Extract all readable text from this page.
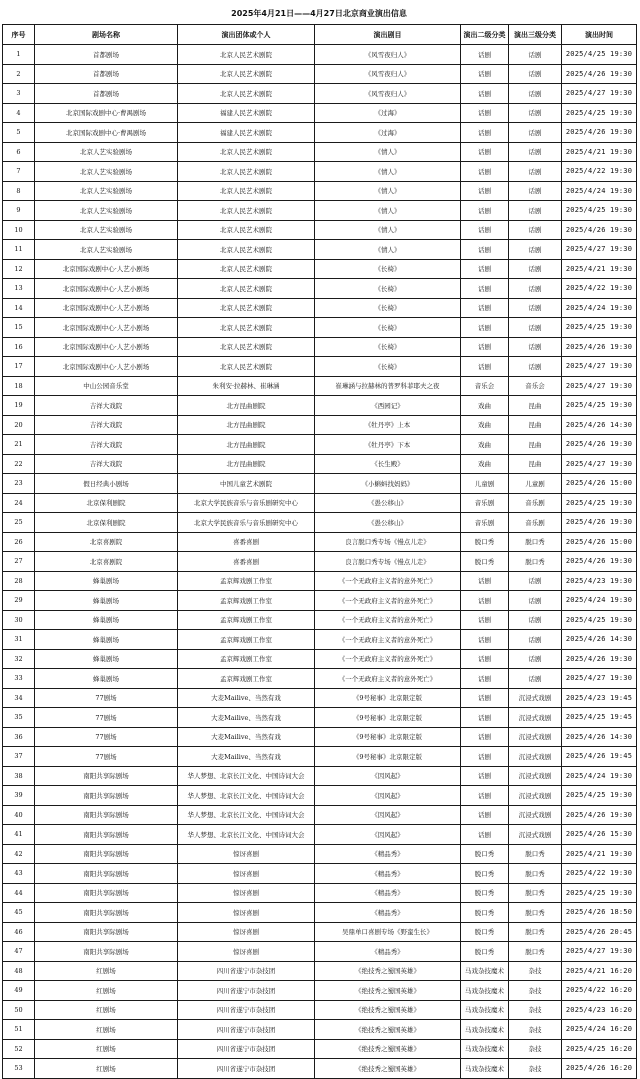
2025年4月21日——4月27日北京商业演出信息
序号	剧场名称	演出团体或个人	演出剧目	演出二级分类	演出三级分类	演出时间
1	首都剧场	北京人民艺术剧院	《风雪夜归人》	话剧	话剧	2025/4/25 19:30
2	首都剧场	北京人民艺术剧院	《风雪夜归人》	话剧	话剧	2025/4/26 19:30
3	首都剧场	北京人民艺术剧院	《风雪夜归人》	话剧	话剧	2025/4/27 19:30
4	北京国际戏剧中心·曹禺剧场	福建人民艺术剧院	《过海》	话剧	话剧	2025/4/25 19:30
5	北京国际戏剧中心·曹禺剧场	福建人民艺术剧院	《过海》	话剧	话剧	2025/4/26 19:30
6	北京人艺实验剧场	北京人民艺术剧院	《情人》	话剧	话剧	2025/4/21 19:30
7	北京人艺实验剧场	北京人民艺术剧院	《情人》	话剧	话剧	2025/4/22 19:30
8	北京人艺实验剧场	北京人民艺术剧院	《情人》	话剧	话剧	2025/4/24 19:30
9	北京人艺实验剧场	北京人民艺术剧院	《情人》	话剧	话剧	2025/4/25 19:30
10	北京人艺实验剧场	北京人民艺术剧院	《情人》	话剧	话剧	2025/4/26 19:30
11	北京人艺实验剧场	北京人民艺术剧院	《情人》	话剧	话剧	2025/4/27 19:30
12	北京国际戏剧中心·人艺小剧场	北京人民艺术剧院	《长椅》	话剧	话剧	2025/4/21 19:30
13	北京国际戏剧中心·人艺小剧场	北京人民艺术剧院	《长椅》	话剧	话剧	2025/4/22 19:30
14	北京国际戏剧中心·人艺小剧场	北京人民艺术剧院	《长椅》	话剧	话剧	2025/4/24 19:30
15	北京国际戏剧中心·人艺小剧场	北京人民艺术剧院	《长椅》	话剧	话剧	2025/4/25 19:30
16	北京国际戏剧中心·人艺小剧场	北京人民艺术剧院	《长椅》	话剧	话剧	2025/4/26 19:30
17	北京国际戏剧中心·人艺小剧场	北京人民艺术剧院	《长椅》	话剧	话剧	2025/4/27 19:30
18	中山公园音乐堂	朱利安·拉赫林、崔琳涵	崔琳涵与拉赫林的普罗科菲耶夫之夜	音乐会	音乐会	2025/4/27 19:30
19	吉祥大戏院	北方昆曲剧院	《西园记》	戏曲	昆曲	2025/4/25 19:30
20	吉祥大戏院	北方昆曲剧院	《牡丹亭》上本	戏曲	昆曲	2025/4/26 14:30
21	吉祥大戏院	北方昆曲剧院	《牡丹亭》下本	戏曲	昆曲	2025/4/26 19:30
22	吉祥大戏院	北方昆曲剧院	《长生殿》	戏曲	昆曲	2025/4/27 19:30
23	假日经典小剧场	中国儿童艺术剧院	《小蝌蚪找妈妈》	儿童剧	儿童剧	2025/4/26 15:00
24	北京保利剧院	北京大学民族音乐与音乐剧研究中心	《愚公移山》	音乐剧	音乐剧	2025/4/25 19:30
25	北京保利剧院	北京大学民族音乐与音乐剧研究中心	《愚公移山》	音乐剧	音乐剧	2025/4/26 19:30
26	北京喜剧院	喜番喜剧	良言脱口秀专场《慢点儿走》	脱口秀	脱口秀	2025/4/26 15:00
27	北京喜剧院	喜番喜剧	良言脱口秀专场《慢点儿走》	脱口秀	脱口秀	2025/4/26 19:30
28	蜂巢剧场	孟京辉戏剧工作室	《一个无政府主义者的意外死亡》	话剧	话剧	2025/4/23 19:30
29	蜂巢剧场	孟京辉戏剧工作室	《一个无政府主义者的意外死亡》	话剧	话剧	2025/4/24 19:30
30	蜂巢剧场	孟京辉戏剧工作室	《一个无政府主义者的意外死亡》	话剧	话剧	2025/4/25 19:30
31	蜂巢剧场	孟京辉戏剧工作室	《一个无政府主义者的意外死亡》	话剧	话剧	2025/4/26 14:30
32	蜂巢剧场	孟京辉戏剧工作室	《一个无政府主义者的意外死亡》	话剧	话剧	2025/4/26 19:30
33	蜂巢剧场	孟京辉戏剧工作室	《一个无政府主义者的意外死亡》	话剧	话剧	2025/4/27 19:30
34	77剧场	大麦Mailive、当然有戏	《9号秘事》北京限定版	话剧	沉浸式戏剧	2025/4/23 19:45
35	77剧场	大麦Mailive、当然有戏	《9号秘事》北京限定版	话剧	沉浸式戏剧	2025/4/25 19:45
36	77剧场	大麦Mailive、当然有戏	《9号秘事》北京限定版	话剧	沉浸式戏剧	2025/4/26 14:30
37	77剧场	大麦Mailive、当然有戏	《9号秘事》北京限定版	话剧	沉浸式戏剧	2025/4/26 19:45
38	南阳共享际剧场	华人梦想、北京长江文化、中国诗词大会	《因风起》	话剧	沉浸式戏剧	2025/4/24 19:30
39	南阳共享际剧场	华人梦想、北京长江文化、中国诗词大会	《因风起》	话剧	沉浸式戏剧	2025/4/25 19:30
40	南阳共享际剧场	华人梦想、北京长江文化、中国诗词大会	《因风起》	话剧	沉浸式戏剧	2025/4/26 19:30
41	南阳共享际剧场	华人梦想、北京长江文化、中国诗词大会	《因风起》	话剧	沉浸式戏剧	2025/4/26 15:30
42	南阳共享际剧场	惊讶喜剧	《精品秀》	脱口秀	脱口秀	2025/4/21 19:30
43	南阳共享际剧场	惊讶喜剧	《精品秀》	脱口秀	脱口秀	2025/4/22 19:30
44	南阳共享际剧场	惊讶喜剧	《精品秀》	脱口秀	脱口秀	2025/4/25 19:30
45	南阳共享际剧场	惊讶喜剧	《精品秀》	脱口秀	脱口秀	2025/4/26 18:50
46	南阳共享际剧场	惊讶喜剧	吴鼎单口喜剧专场《野蛮生长》	脱口秀	脱口秀	2025/4/26 20:45
47	南阳共享际剧场	惊讶喜剧	《精品秀》	脱口秀	脱口秀	2025/4/27 19:30
48	红剧场	四川省遂宁市杂技团	《绝技秀之蜀国英雄》	马戏杂技魔术	杂技	2025/4/21 16:20
49	红剧场	四川省遂宁市杂技团	《绝技秀之蜀国英雄》	马戏杂技魔术	杂技	2025/4/22 16:20
50	红剧场	四川省遂宁市杂技团	《绝技秀之蜀国英雄》	马戏杂技魔术	杂技	2025/4/23 16:20
51	红剧场	四川省遂宁市杂技团	《绝技秀之蜀国英雄》	马戏杂技魔术	杂技	2025/4/24 16:20
52	红剧场	四川省遂宁市杂技团	《绝技秀之蜀国英雄》	马戏杂技魔术	杂技	2025/4/25 16:20
53	红剧场	四川省遂宁市杂技团	《绝技秀之蜀国英雄》	马戏杂技魔术	杂技	2025/4/26 16:20
